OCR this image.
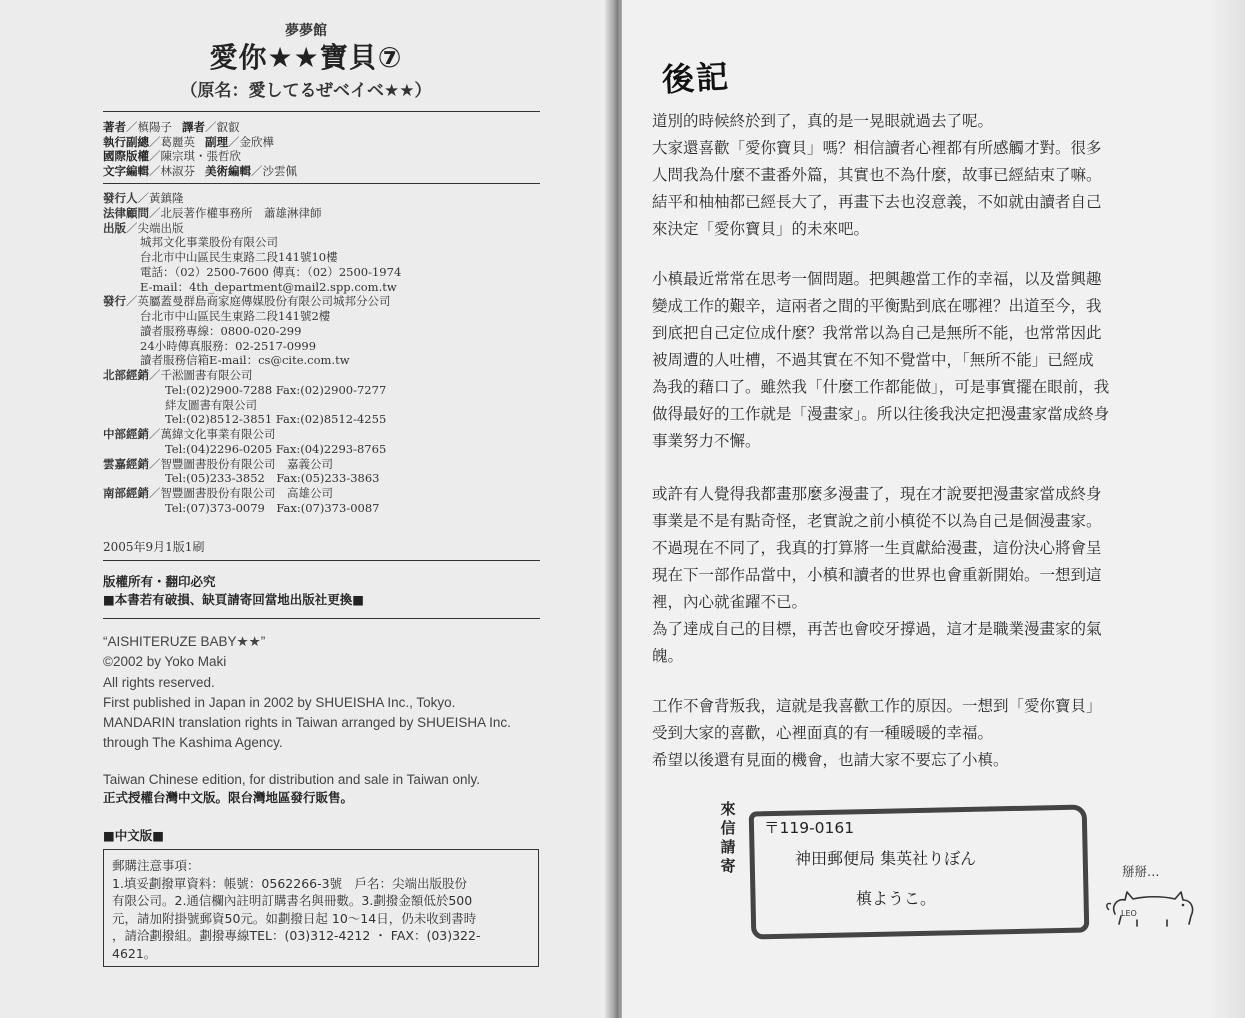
夢夢館
愛你★★寶貝⑦
（原名：愛してるぜベイベ★★）
著者／槙陽子 譯者／叡叡
執行副總／葛麗英 副理／金欣樺
國際版權／陳宗琪・張哲欣
文字編輯／林淑芬 美術編輯／沙雲佩
發行人／黃鎮隆
法律顧問／北辰著作權事務所　蕭雄淋律師
出版／尖端出版
城邦文化事業股份有限公司
台北市中山區民生東路二段141號10樓
電話：（02）2500-7600 傳真：（02）2500-1974
E-mail：4th_department@mail2.spp.com.tw
發行／英屬蓋曼群島商家庭傳媒股份有限公司城邦分公司
台北市中山區民生東路二段141號2樓
讀者服務專線：0800-020-299
24小時傳真服務：02-2517-0999
讀者服務信箱E-mail：cs@cite.com.tw
北部經銷／千淞圖書有限公司
Tel:(02)2900-7288 Fax:(02)2900-7277
絆友圖書有限公司
Tel:(02)8512-3851 Fax:(02)8512-4255
中部經銷／萬緯文化事業有限公司
Tel:(04)2296-0205 Fax:(04)2293-8765
雲嘉經銷／智豐圖書股份有限公司　嘉義公司
Tel:(05)233-3852　Fax:(05)233-3863
南部經銷／智豐圖書股份有限公司　高雄公司
Tel:(07)373-0079　Fax:(07)373-0087
2005年9月1版1刷
版權所有・翻印必究
■本書若有破損、缺頁請寄回當地出版社更換■
“AISHITERUZE BABY★★”
©2002 by Yoko Maki
All rights reserved.
First published in Japan in 2002 by SHUEISHA Inc., Tokyo.
MANDARIN translation rights in Taiwan arranged by SHUEISHA Inc.
through The Kashima Agency.
Taiwan Chinese edition, for distribution and sale in Taiwan only.
正式授權台灣中文版。限台灣地區發行販售。
■中文版■
郵購注意事項：
1.填妥劃撥單資料：帳號：0562266-3號　戶名：尖端出版股份
有限公司。2.通信欄內註明訂購書名與冊數。3.劃撥金額低於500
元，請加附掛號郵資50元。如劃撥日起 10～14日，仍未收到書時
，請洽劃撥組。劃撥專線TEL：(03)312-4212 ・ FAX：(03)322-
4621。
後記
道別的時候終於到了，真的是一晃眼就過去了呢。
大家還喜歡「愛你寶貝」嗎？相信讀者心裡都有所感觸才對。很多
人問我為什麼不畫番外篇，其實也不為什麼，故事已經結束了嘛。
結平和柚柚都已經長大了，再畫下去也沒意義，不如就由讀者自己
來決定「愛你寶貝」的未來吧。
小槙最近常常在思考一個問題。把興趣當工作的幸福，以及當興趣
變成工作的艱辛，這兩者之間的平衡點到底在哪裡？出道至今，我
到底把自己定位成什麼？我常常以為自己是無所不能，也常常因此
被周遭的人吐槽，不過其實在不知不覺當中，「無所不能」已經成
為我的藉口了。雖然我「什麼工作都能做」，可是事實擺在眼前，我
做得最好的工作就是「漫畫家」。所以往後我決定把漫畫家當成終身
事業努力不懈。
或許有人覺得我都畫那麼多漫畫了，現在才說要把漫畫家當成終身
事業是不是有點奇怪，老實說之前小槙從不以為自己是個漫畫家。
不過現在不同了，我真的打算將一生貢獻給漫畫，這份決心將會呈
現在下一部作品當中，小槙和讀者的世界也會重新開始。一想到這
裡，內心就雀躍不已。
為了達成自己的目標，再苦也會咬牙撐過，這才是職業漫畫家的氣
魄。
工作不會背叛我，這就是我喜歡工作的原因。一想到「愛你寶貝」
受到大家的喜歡，心裡面真的有一種暖暖的幸福。
希望以後還有見面的機會，也請大家不要忘了小槙。
來
信
請
寄
〒119-0161
神田郵便局 集英社りぼん
槙ようこ。
掰掰…
LEO
